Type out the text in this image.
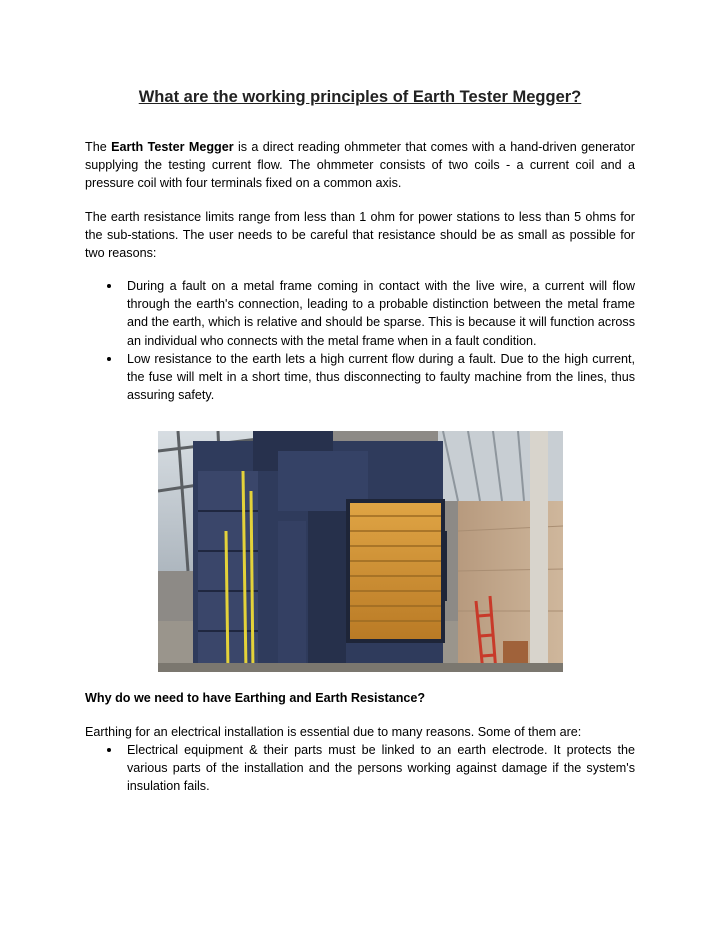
What are the working principles of Earth Tester Megger?

The Earth Tester Megger is a direct reading ohmmeter that comes with a hand-driven generator supplying the testing current flow. The ohmmeter consists of two coils - a current coil and a pressure coil with four terminals fixed on a common axis.

The earth resistance limits range from less than 1 ohm for power stations to less than 5 ohms for the sub-stations. The user needs to be careful that resistance should be as small as possible for two reasons:

During a fault on a metal frame coming in contact with the live wire, a current will flow through the earth's connection, leading to a probable distinction between the metal frame and the earth, which is relative and should be sparse. This is because it will function across an individual who connects with the metal frame when in a fault condition.
Low resistance to the earth lets a high current flow during a fault. Due to the high current, the fuse will melt in a short time, thus disconnecting to faulty machine from the lines, thus assuring safety.

Why do we need to have Earthing and Earth Resistance?

Earthing for an electrical installation is essential due to many reasons. Some of them are:

Electrical equipment & their parts must be linked to an earth electrode. It protects the various parts of the installation and the persons working against damage if the system's insulation fails.
